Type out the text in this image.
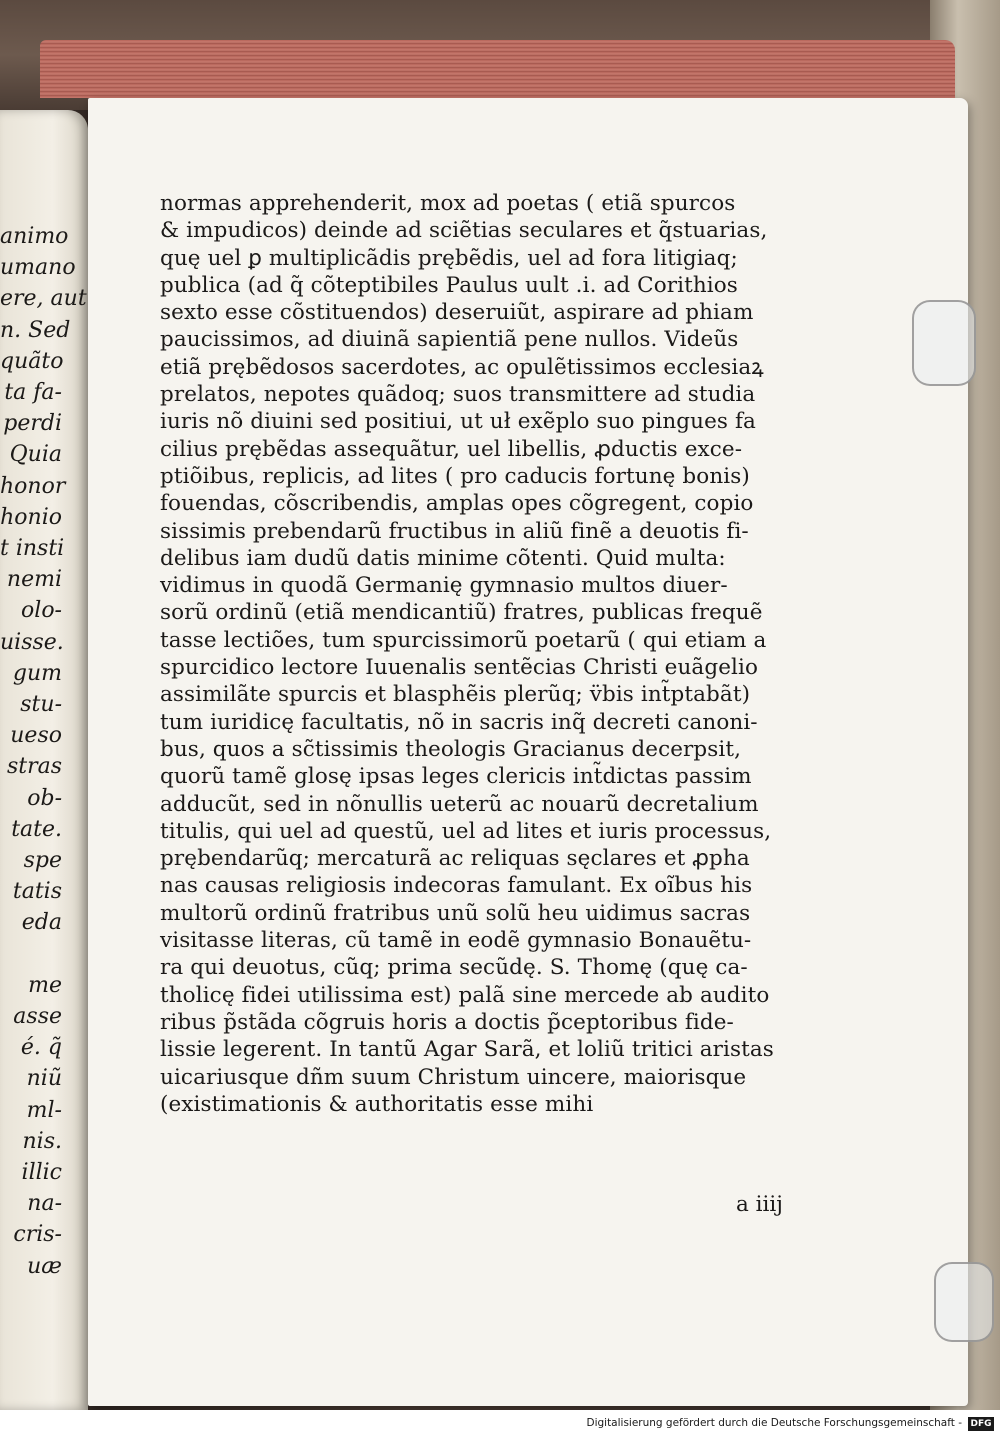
animo
umano
ere, aut
n. Sed
quãto
ta fa-
perdi
Quia
honor
honio
t insti
nemi
olo-
uisse.
gum
stu-
ueso
stras
ob-
tate.
spe
tatis
eda
me
asse
é. q̃
niũ
ml-
nis.
illic
na-
cris-
uæ
normas apprehenderit, mox ad poetas ( etiã spurcos
& impudicos) deinde ad sciẽtias seculares et q̃stuarias,
quę uel ꝑ multiplicãdis prębẽdis, uel ad fora litigiaq;
publica (ad q̃ cõteptibiles Paulus uult .i. ad Corithios
sexto esse cõstituendos) deseruiũt, aspirare ad phiam
paucissimos, ad diuinã sapientiã pene nullos. Videũs
etiã prębẽdosos sacerdotes, ac opulẽtissimos ecclesiaꝝ
prelatos, nepotes quãdoq; suos transmittere ad studia
iuris nõ diuini sed positiui, ut uł exẽplo suo pingues fa
cilius prębẽdas assequãtur, uel libellis, ꝓductis exce-
ptiõibus, replicis, ad lites ( pro caducis fortunę bonis)
fouendas, cõscribendis, amplas opes cõgregent, copio
sissimis prebendarũ fructibus in aliũ finẽ a deuotis fi-
delibus iam dudũ datis minime cõtenti. Quid multa:
vidimus in quodã Germanię gymnasio multos diuer-
sorũ ordinũ (etiã mendicantiũ) fratres, publicas frequẽ
tasse lectiões, tum spurcissimorũ poetarũ ( qui etiam a
spurcidico lectore Iuuenalis sentẽcias Christi euãgelio
assimilãte spurcis et blasphẽis plerũq; v̈bis int̃ptabãt)
tum iuridicę facultatis, nõ in sacris inq̃ decreti canoni-
bus, quos a sc̃tissimis theologis Gracianus decerpsit,
quorũ tamẽ glosę ipsas leges clericis int̃dictas passim
adducũt, sed in nõnullis ueterũ ac nouarũ decretalium
titulis, qui uel ad questũ, uel ad lites et iuris processus,
prębendarũq; mercaturã ac reliquas sęclares et ꝓpha
nas causas religiosis indecoras famulant. Ex oĩbus his
multorũ ordinũ fratribus unũ solũ heu uidimus sacras
visitasse literas, cũ tamẽ in eodẽ gymnasio Bonauẽtu-
ra qui deuotus, cũq; prima secũdę. S. Thomę (quę ca-
tholicę fidei utilissima est) palã sine mercede ab audito
ribus p̃stãda cõgruis horis a doctis p̃ceptoribus fide-
lissie legerent. In tantũ Agar Sarã, et loliũ tritici aristas
uicariusque dñm suum Christum uincere, maiorisque
(existimationis & authoritatis esse mihi
a iiij
Digitalisierung gefördert durch die Deutsche Forschungsgemeinschaft - DFG
